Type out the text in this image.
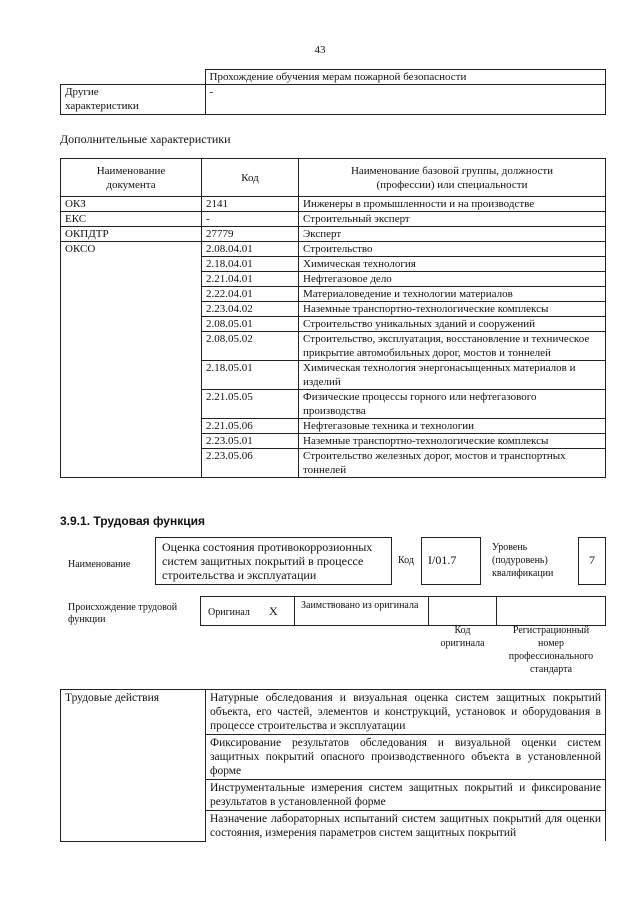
43
	Прохождение обучения мерам пожарной безопасности
Другие
характеристики	-
Дополнительные характеристики
Наименование
документа	Код	Наименование базовой группы, должности
(профессии) или специальности
ОКЗ	2141	Инженеры в промышленности и на производстве
ЕКС	-	Строительный эксперт
ОКПДТР	27779	Эксперт
ОКСО	2.08.04.01	Строительство
	2.18.04.01	Химическая технология
	2.21.04.01	Нефтегазовое дело
	2.22.04.01	Материаловедение и технологии материалов
	2.23.04.02	Наземные транспортно-технологические комплексы
	2.08.05.01	Строительство уникальных зданий и сооружений
	2.08.05.02	Строительство, эксплуатация, восстановление и техническое прикрытие автомобильных дорог, мостов и тоннелей
	2.18.05.01	Химическая технология энергонасыщенных материалов и изделий
	2.21.05.05	Физические процессы горного или нефтегазового производства
	2.21.05.06	Нефтегазовые техника и технологии
	2.23.05.01	Наземные транспортно-технологические комплексы
	2.23.05.06	Строительство железных дорог, мостов и транспортных тоннелей
3.9.1. Трудовая функция
Наименование
Оценка состояния противокоррозионных систем защитных покрытий в процессе строительства и эксплуатации
Код	I/01.7
Уровень
(подуровень)
квалификации
7
Происхождение трудовой функции
Оригинал X	Заимствовано из оригинала
Код
оригинала
Регистрационный
номер
профессионального
стандарта
Трудовые действия	Натурные обследования и визуальная оценка систем защитных покрытий объекта, его частей, элементов и конструкций, установок и оборудования в процессе строительства и эксплуатации
Фиксирование результатов обследования и визуальной оценки систем защитных покрытий опасного производственного объекта в установленной форме
Инструментальные измерения систем защитных покрытий и фиксирование результатов в установленной форме
Назначение лабораторных испытаний систем защитных покрытий для оценки состояния, измерения параметров систем защитных покрытий
